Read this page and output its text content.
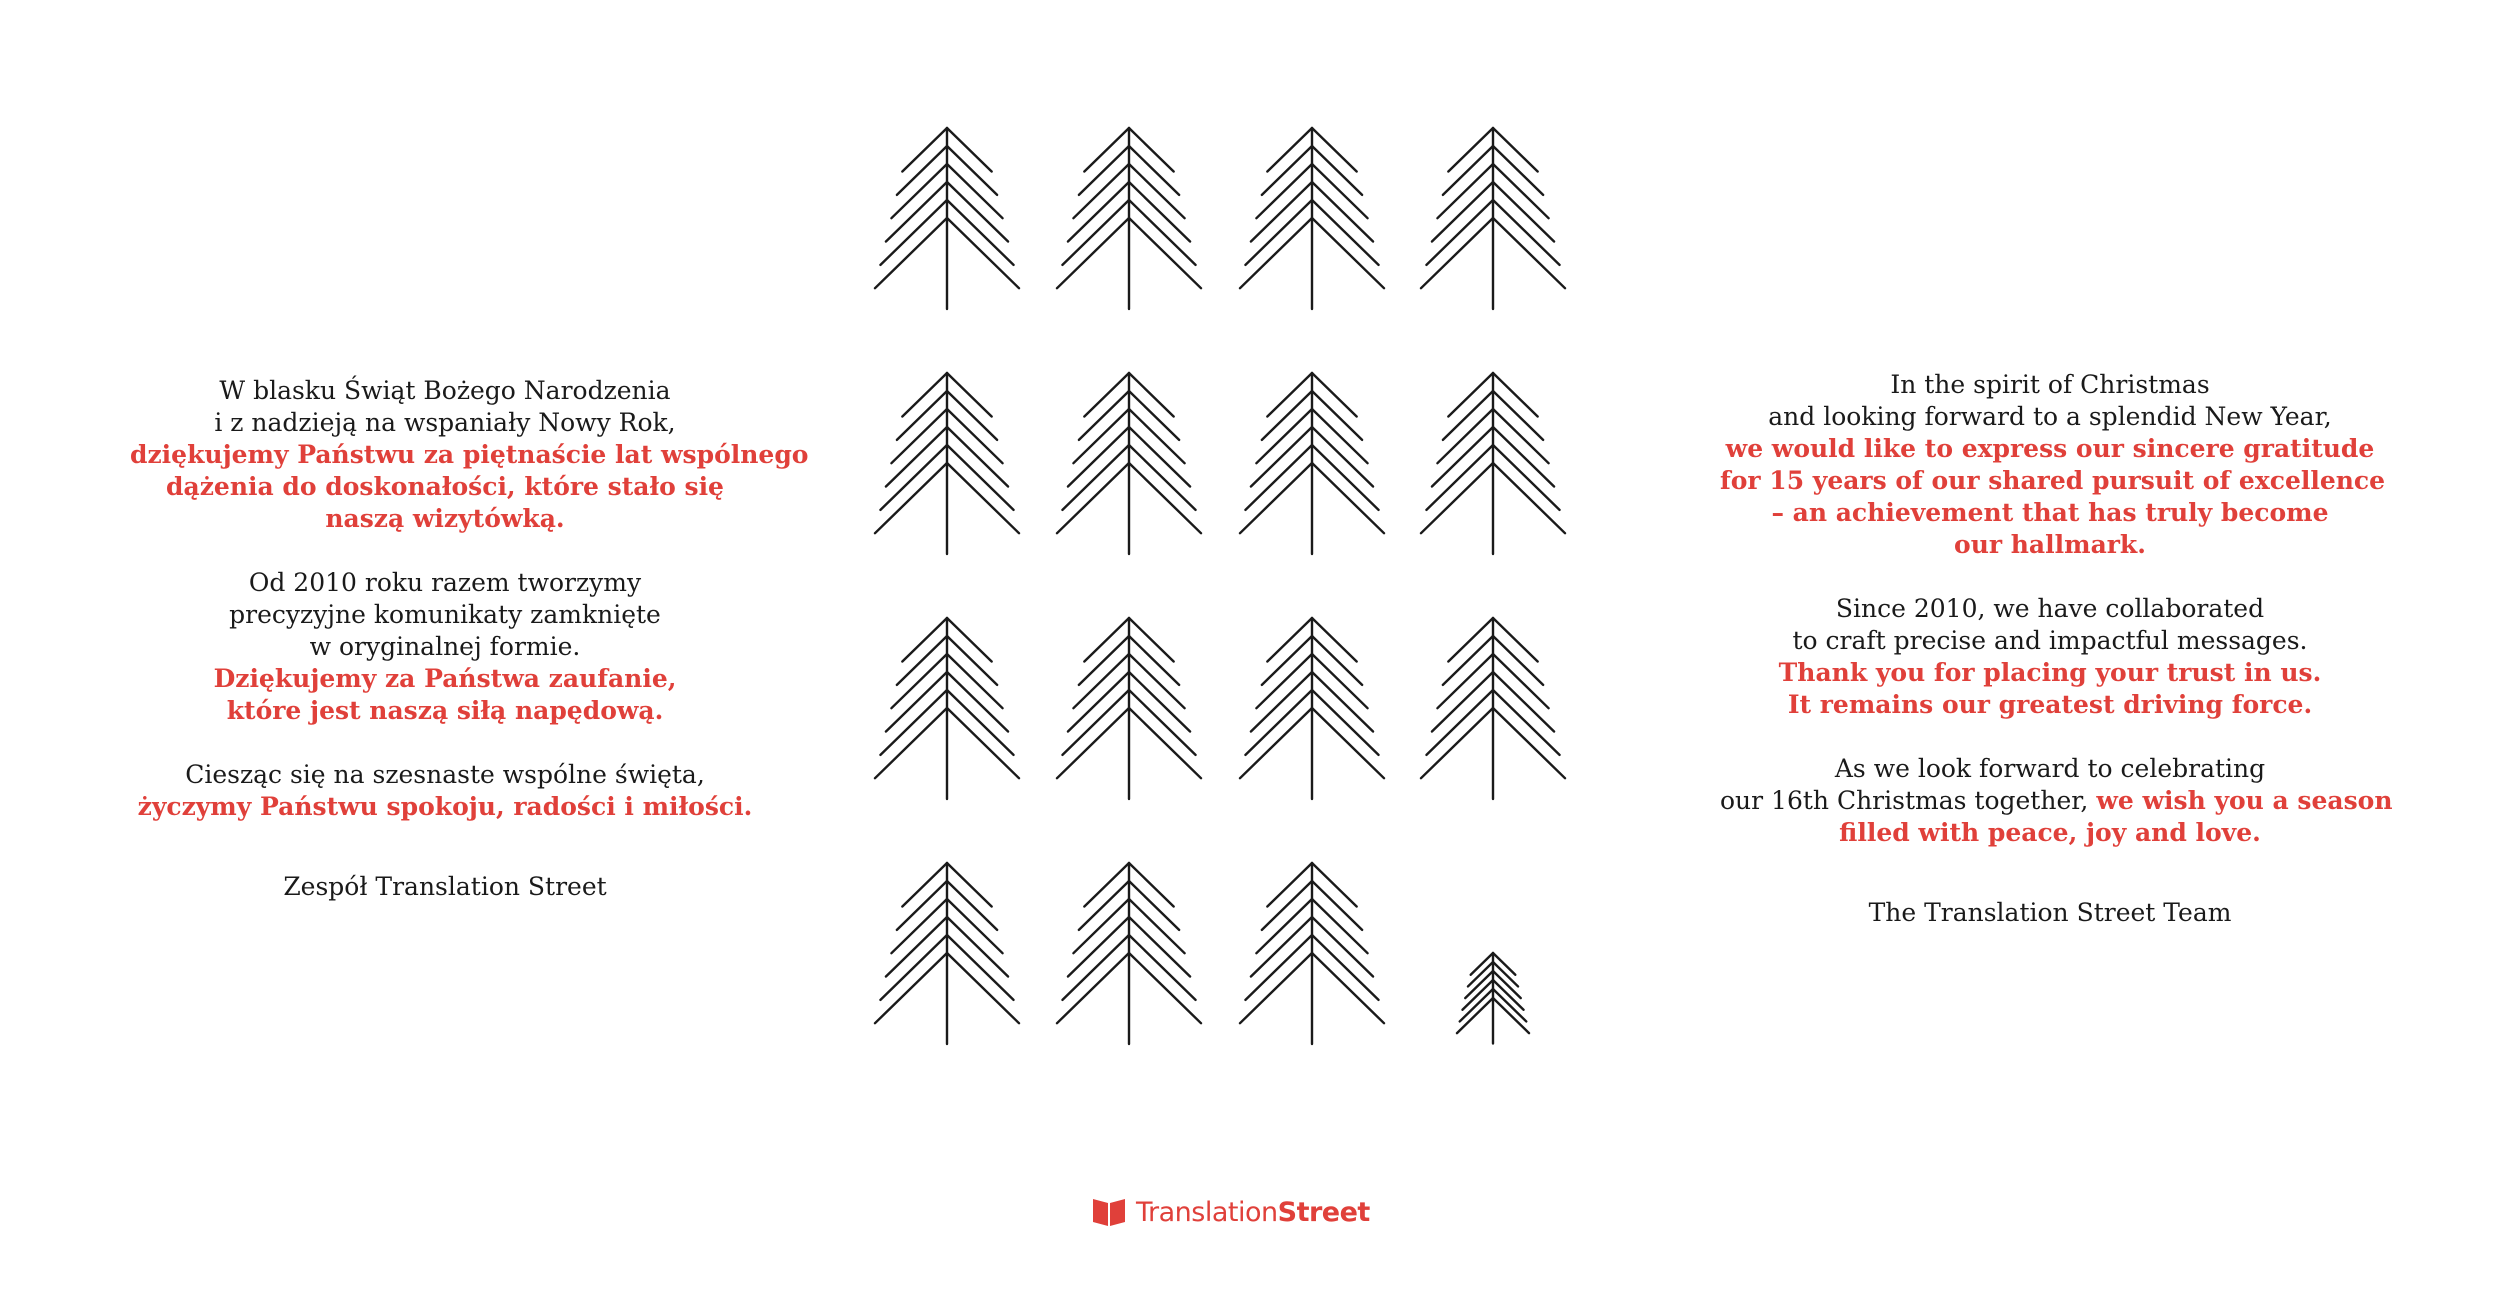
W blasku Świąt Bożego Narodzenia
i z nadzieją na wspaniały Nowy Rok,
dziękujemy Państwu za piętnaście lat wspólnego
dążenia do doskonałości, które stało się
naszą wizytówką.
Od 2010 roku razem tworzymy
precyzyjne komunikaty zamknięte
w oryginalnej formie.
Dziękujemy za Państwa zaufanie,
które jest naszą siłą napędową.
Ciesząc się na szesnaste wspólne święta,
życzymy Państwu spokoju, radości i miłości.
Zespół Translation Street
In the spirit of Christmas
and looking forward to a splendid New Year,
we would like to express our sincere gratitude
for 15 years of our shared pursuit of excellence
– an achievement that has truly become
our hallmark.
Since 2010, we have collaborated
to craft precise and impactful messages.
Thank you for placing your trust in us.
It remains our greatest driving force.
As we look forward to celebrating
our 16th Christmas together, we wish you a season
filled with peace, joy and love.
The Translation Street Team
TranslationStreet
